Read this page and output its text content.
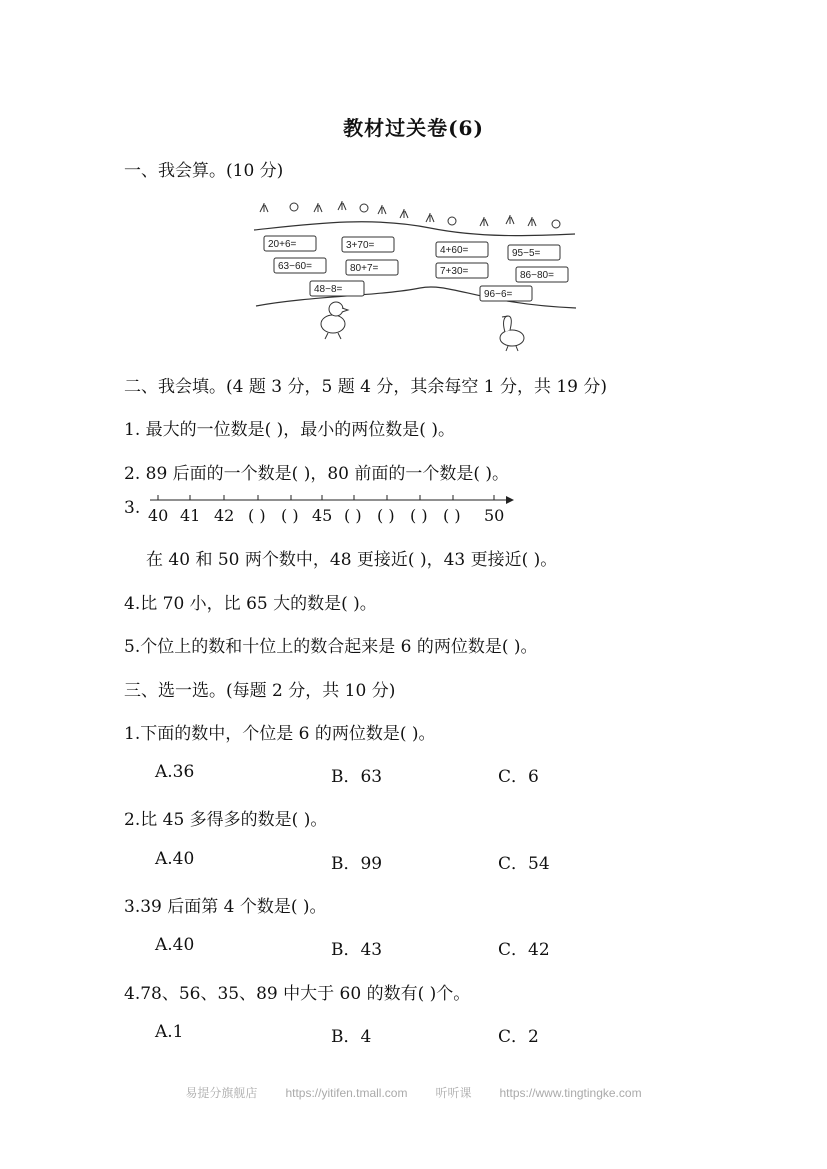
教材过关卷(6)
一、我会算。(10 分)
20+6=	3+70=	4+60=	95−5=
63−60=	80+7=	7+30=	86−80=
48−8=	96−6=
二、我会填。(4 题 3 分，5 题 4 分，其余每空 1 分，共 19 分)
1. 最大的一位数是( )，最小的两位数是( )。
2. 89 后面的一个数是( )，80 前面的一个数是( )。
3. 40 41 42 ( ) ( ) 45 ( ) ( ) ( ) ( ) 50
在 40 和 50 两个数中，48 更接近( )，43 更接近( )。
4.比 70 小，比 65 大的数是( )。
5.个位上的数和十位上的数合起来是 6 的两位数是( )。
三、选一选。(每题 2 分，共 10 分)
1.下面的数中，个位是 6 的两位数是( )。
A.36	B．63	C．6
2.比 45 多得多的数是( )。
A.40	B．99	C．54
3.39 后面第 4 个数是( )。
A.40	B．43	C．42
4.78、56、35、89 中大于 60 的数有( )个。
A.1	B．4	C．2
易提分旗舰店 https://yitifen.tmall.com 听听课 https://www.tingtingke.com
